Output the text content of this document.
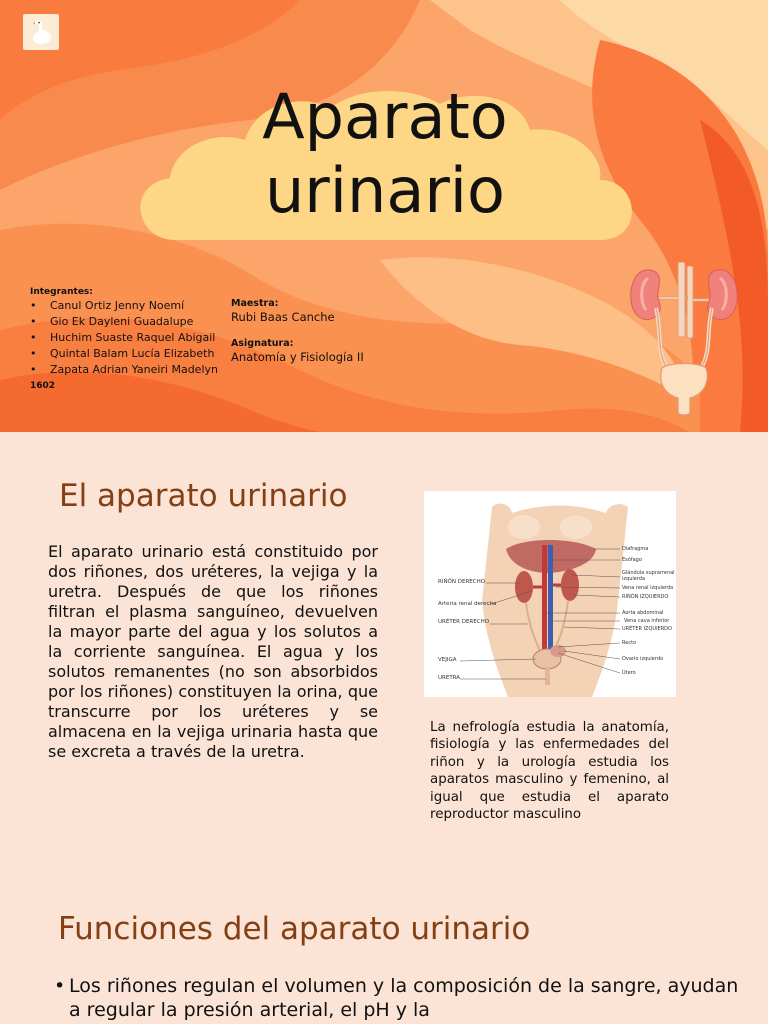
Aparato
urinario
Integrantes:
• Canul Ortiz Jenny Noemí
• Gio Ek Dayleni Guadalupe
• Huchim Suaste Raquel Abigail
• Quintal Balam Lucía Elizabeth
• Zapata Adrian Yaneiri Madelyn
1602
Maestra:
Rubi Baas Canche
Asignatura:
Anatomía y Fisiología II
El aparato urinario
El aparato urinario está constituido por dos riñones, dos uréteres, la vejiga y la uretra. Después de que los riñones filtran el plasma sanguíneo, devuelven la mayor parte del agua y los solutos a la corriente sanguínea. El agua y los solutos remanentes (no son absorbidos por los riñones) constituyen la orina, que transcurre por los uréteres y se almacena en la vejiga urinaria hasta que se excreta a través de la uretra.
RIÑÓN DERECHO
Arteria renal derecha
URÉTER DERECHO
VEJIGA
URETRA
Diafragma
Esófago
Glándula suprarrenal
izquierda
Vena renal izquierda
RIÑÓN IZQUIERDO
Aorta abdominal
Vena cava inferior
URÉTER IZQUIERDO
Recto
Ovario izquierdo
Útero
La nefrología estudia la anatomía, fisiología y las enfermedades del riñon y la urología estudia los aparatos masculino y femenino, al igual que estudia el aparato reproductor masculino
Funciones del aparato urinario
• Los riñones regulan el volumen y la composición de la sangre, ayudan a regular la presión arterial, el pH y la
